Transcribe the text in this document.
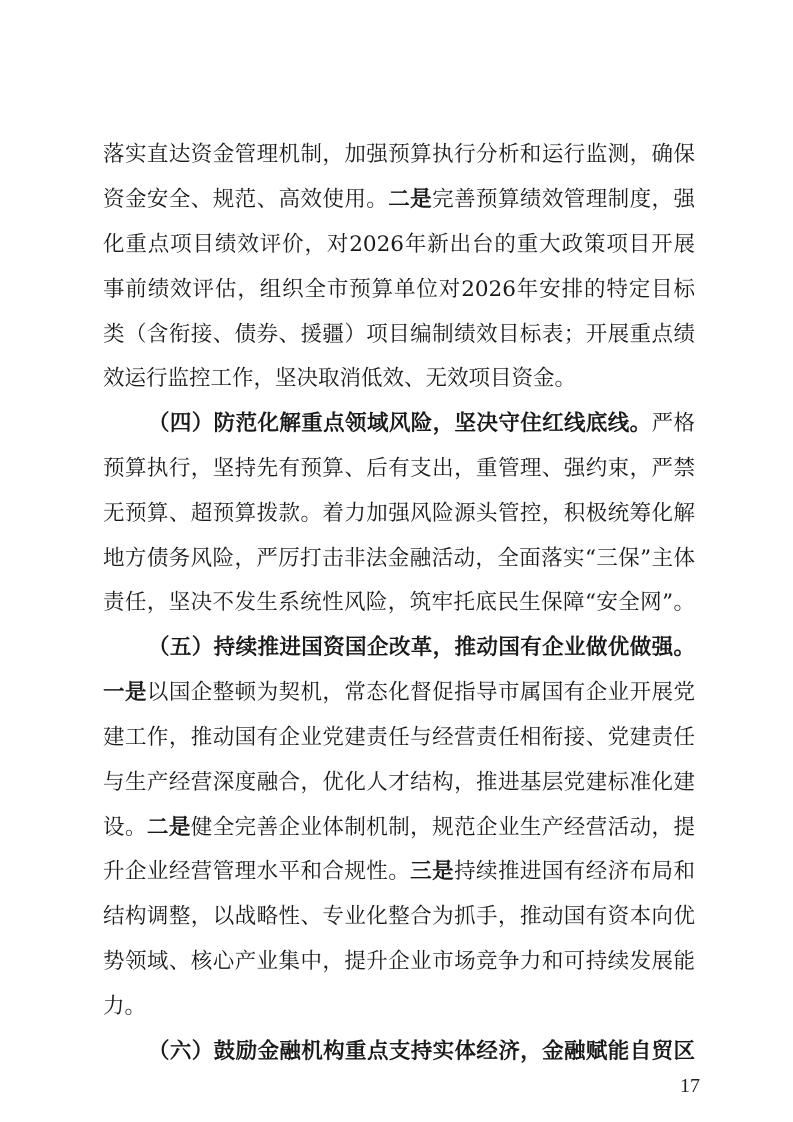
落实直达资金管理机制，加强预算执行分析和运行监测，确保
资金安全、规范、高效使用。二是完善预算绩效管理制度，强
化重点项目绩效评价，对2026年新出台的重大政策项目开展
事前绩效评估，组织全市预算单位对2026年安排的特定目标
类（含衔接、债券、援疆）项目编制绩效目标表；开展重点绩
效运行监控工作，坚决取消低效、无效项目资金。
（四）防范化解重点领域风险，坚决守住红线底线。严格
预算执行，坚持先有预算、后有支出，重管理、强约束，严禁
无预算、超预算拨款。着力加强风险源头管控，积极统筹化解
地方债务风险，严厉打击非法金融活动，全面落实“三保”主体
责任，坚决不发生系统性风险，筑牢托底民生保障“安全网”。
（五）持续推进国资国企改革，推动国有企业做优做强。
一是以国企整顿为契机，常态化督促指导市属国有企业开展党
建工作，推动国有企业党建责任与经营责任相衔接、党建责任
与生产经营深度融合，优化人才结构，推进基层党建标准化建
设。二是健全完善企业体制机制，规范企业生产经营活动，提
升企业经营管理水平和合规性。三是持续推进国有经济布局和
结构调整，以战略性、专业化整合为抓手，推动国有资本向优
势领域、核心产业集中，提升企业市场竞争力和可持续发展能
力。
（六）鼓励金融机构重点支持实体经济，金融赋能自贸区
17
